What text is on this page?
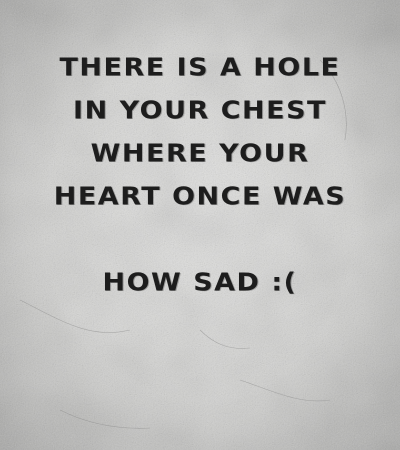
THERE IS A HOLE
IN YOUR CHEST
WHERE YOUR
HEART ONCE WAS
HOW SAD :(
